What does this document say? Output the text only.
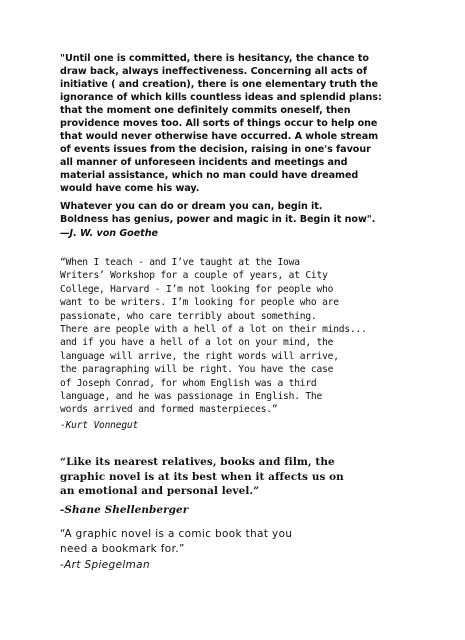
"Until one is committed, there is hesitancy, the chance to
draw back, always ineffectiveness. Concerning all acts of
initiative ( and creation), there is one elementary truth the
ignorance of which kills countless ideas and splendid plans:
that the moment one definitely commits oneself, then
providence moves too. All sorts of things occur to help one
that would never otherwise have occurred. A whole stream
of events issues from the decision, raising in one's favour
all manner of unforeseen incidents and meetings and
material assistance, which no man could have dreamed
would have come his way.

Whatever you can do or dream you can, begin it.
Boldness has genius, power and magic in it. Begin it now".

—J. W. von Goethe

“When I teach - and I’ve taught at the Iowa
Writers’ Workshop for a couple of years, at City
College, Harvard - I’m not looking for people who
want to be writers. I’m looking for people who are
passionate, who care terribly about something.
There are people with a hell of a lot on their minds...
and if you have a hell of a lot on your mind, the
language will arrive, the right words will arrive,
the paragraphing will be right. You have the case
of Joseph Conrad, for whom English was a third
language, and he was passionage in English. The
words arrived and formed masterpieces.”

-Kurt Vonnegut

“Like its nearest relatives, books and film, the
graphic novel is at its best when it affects us on
an emotional and personal level.”

-Shane Shellenberger

“A graphic novel is a comic book that you
need a bookmark for.”

-Art Spiegelman
